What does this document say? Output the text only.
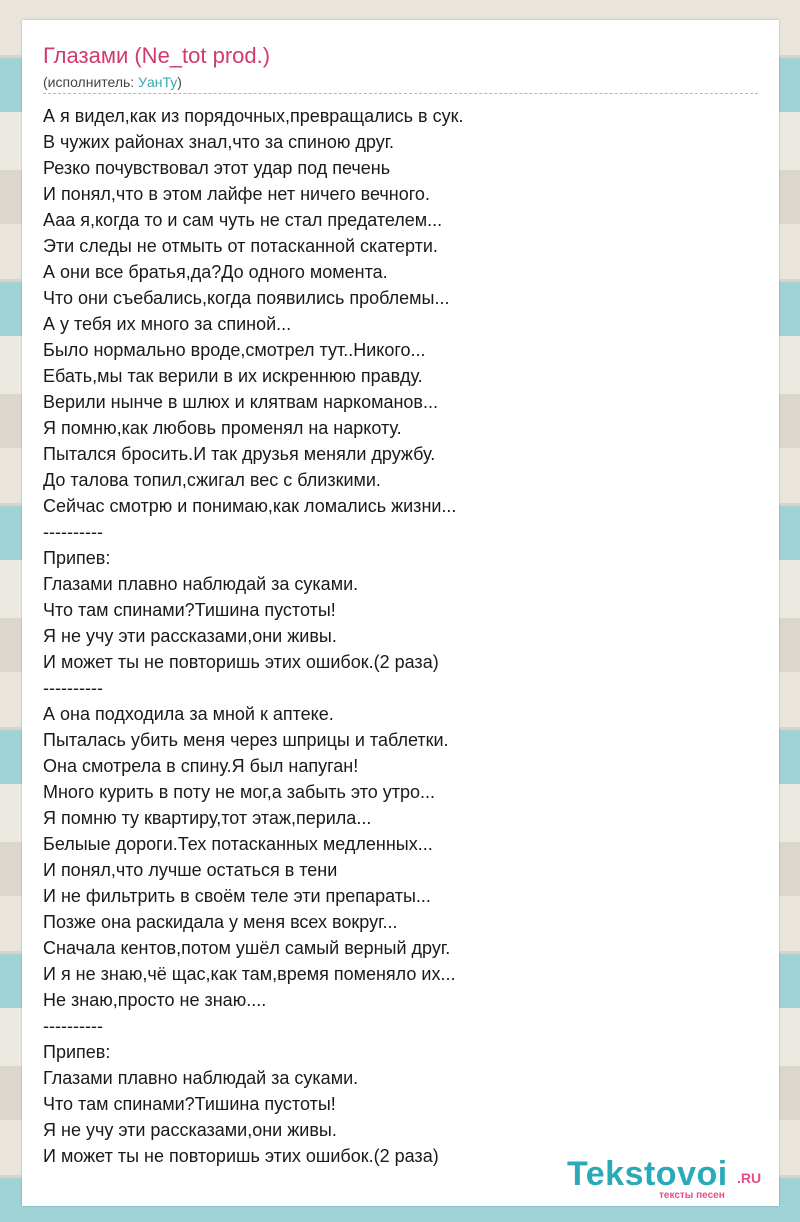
Глазами (Ne_tot prod.)
(исполнитель: УанТу)
А я видел,как из порядочных,превращались в сук.
В чужих районах знал,что за спиною друг.
Резко почувствовал этот удар под печень
И понял,что в этом лайфе нет ничего вечного.
Ааа я,когда то и сам чуть не стал предателем...
Эти следы не отмыть от потасканной скатерти.
А они все братья,да?До одного момента.
Что они съебались,когда появились проблемы...
А у тебя их много за спиной...
Было нормально вроде,смотрел тут..Никого...
Ебать,мы так верили в их искреннюю правду.
Верили нынче в шлюх и клятвам наркоманов...
Я помню,как любовь променял на наркоту.
Пытался бросить.И так друзья меняли дружбу.
До талова топил,сжигал вес с близкими.
Сейчас смотрю и понимаю,как ломались жизни...
----------
Припев:
Глазами плавно наблюдай за суками.
Что там спинами?Тишина пустоты!
Я не учу эти рассказами,они живы.
И может ты не повторишь этих ошибок.(2 раза)
----------
А она подходила за мной к аптеке.
Пыталась убить меня через шприцы и таблетки.
Она смотрела в спину.Я был напуган!
Много курить в поту не мог,а забыть это утро...
Я помню ту квартиру,тот этаж,перила...
Белыые дороги.Тех потасканных медленных...
И понял,что лучше остаться в тени
И не фильтрить в своём теле эти препараты...
Позже она раскидала у меня всех вокруг...
Сначала кентов,потом ушёл самый верный друг.
И я не знаю,чё щас,как там,время поменяло их...
Не знаю,просто не знаю....
----------
Припев:
Глазами плавно наблюдай за суками.
Что там спинами?Тишина пустоты!
Я не учу эти рассказами,они живы.
И может ты не повторишь этих ошибок.(2 раза)	Tekstovoi .RU
тексты песен
